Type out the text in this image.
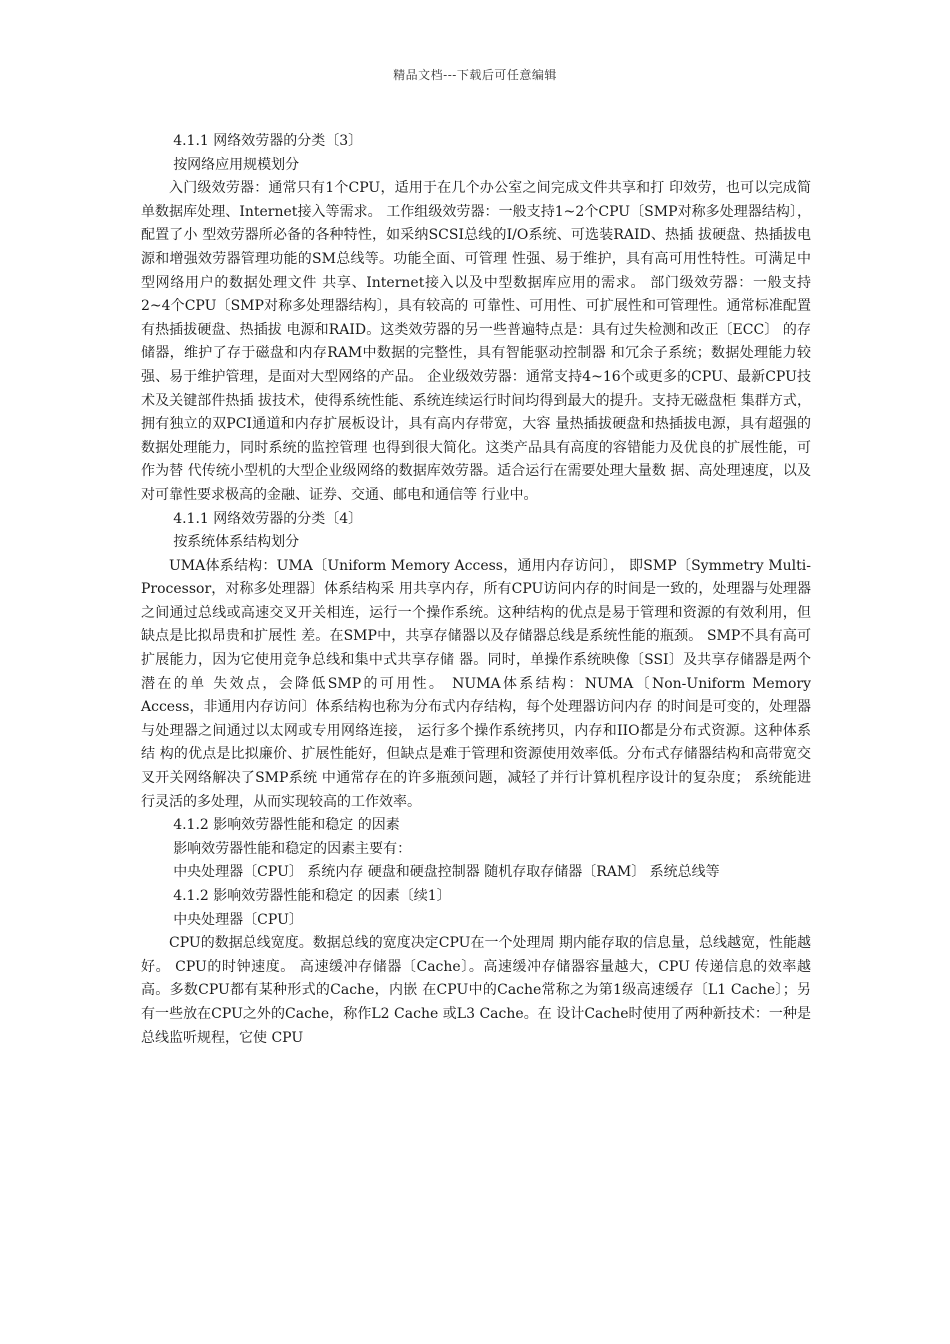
精品文档---下载后可任意编辑

4.1.1 网络效劳器的分类〔3〕

按网络应用规模划分

入门级效劳器：通常只有1个CPU，适用于在几个办公室之间完成文件共享和打 印效劳，也可以完成简单数据库处理、Internet接入等需求。 工作组级效劳器：一般支持1~2个CPU〔SMP对称多处理器结构〕，配置了小 型效劳器所必备的各种特性，如采纳SCSI总线的I/O系统、可选装RAID、热插 拔硬盘、热插拔电源和增强效劳器管理功能的SM总线等。功能全面、可管理 性强、易于维护，具有高可用性特性。可满足中型网络用户的数据处理文件 共享、Internet接入以及中型数据库应用的需求。 部门级效劳器：一般支持2~4个CPU〔SMP对称多处理器结构〕，具有较高的 可靠性、可用性、可扩展性和可管理性。通常标准配置有热插拔硬盘、热插拔 电源和RAID。这类效劳器的另一些普遍特点是：具有过失检测和改正〔ECC〕 的存储器，维护了存于磁盘和内存RAM中数据的完整性，具有智能驱动控制器 和冗余子系统；数据处理能力较强、易于维护管理，是面对大型网络的产品。 企业级效劳器：通常支持4~16个或更多的CPU、最新CPU技术及关键部件热插 拔技术，使得系统性能、系统连续运行时间均得到最大的提升。支持无磁盘柜 集群方式，拥有独立的双PCI通道和内存扩展板设计，具有高内存带宽，大容 量热插拔硬盘和热插拔电源，具有超强的数据处理能力，同时系统的监控管理 也得到很大简化。这类产品具有高度的容错能力及优良的扩展性能，可作为替 代传统小型机的大型企业级网络的数据库效劳器。适合运行在需要处理大量数 据、高处理速度，以及对可靠性要求极高的金融、证券、交通、邮电和通信等 行业中。

4.1.1 网络效劳器的分类〔4〕

按系统体系结构划分

UMA体系结构：UMA〔Uniform Memory Access，通用内存访问〕， 即SMP〔Symmetry Multi-Processor，对称多处理器〕体系结构采 用共享内存，所有CPU访问内存的时间是一致的，处理器与处理器 之间通过总线或高速交叉开关相连，运行一个操作系统。这种结构的优点是易于管理和资源的有效利用，但缺点是比拟昂贵和扩展性 差。在SMP中，共享存储器以及存储器总线是系统性能的瓶颈。 SMP不具有高可扩展能力，因为它使用竞争总线和集中式共享存储 器。同时，单操作系统映像〔SSI〕及共享存储器是两个潜在的单 失效点，会降低SMP的可用性。 NUMA体系结构：NUMA〔Non-Uniform Memory Access，非通用内存访问〕体系结构也称为分布式内存结构，每个处理器访问内存 的时间是可变的，处理器与处理器之间通过以太网或专用网络连接， 运行多个操作系统拷贝，内存和IIO都是分布式资源。这种体系结 构的优点是比拟廉价、扩展性能好，但缺点是难于管理和资源使用效率低。分布式存储器结构和高带宽交叉开关网络解决了SMP系统 中通常存在的许多瓶颈问题，减轻了并行计算机程序设计的复杂度； 系统能进行灵活的多处理，从而实现较高的工作效率。

4.1.2 影响效劳器性能和稳定 的因素

影响效劳器性能和稳定的因素主要有：

中央处理器〔CPU〕 系统内存 硬盘和硬盘控制器 随机存取存储器〔RAM〕 系统总线等

4.1.2 影响效劳器性能和稳定 的因素〔续1〕

中央处理器〔CPU〕

CPU的数据总线宽度。数据总线的宽度决定CPU在一个处理周 期内能存取的信息量，总线越宽，性能越好。 CPU的时钟速度。 高速缓冲存储器〔Cache〕。高速缓冲存储器容量越大，CPU 传递信息的效率越高。多数CPU都有某种形式的Cache，内嵌 在CPU中的Cache常称之为第1级高速缓存〔L1 Cache〕；另 有一些放在CPU之外的Cache，称作L2 Cache 或L3 Cache。在 设计Cache时使用了两种新技术：一种是总线监听规程，它使 CPU
